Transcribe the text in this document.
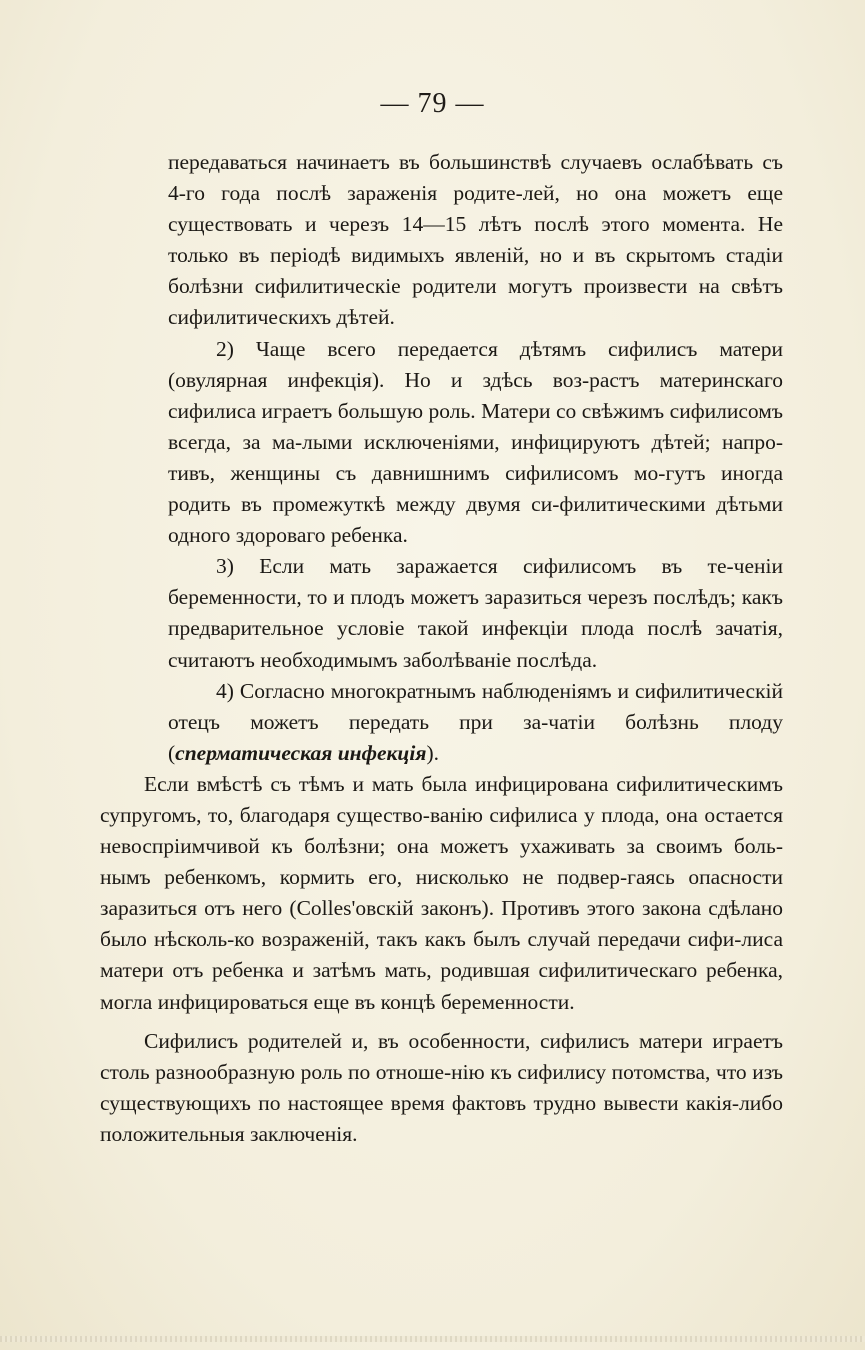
— 79 —

передаваться начинаетъ въ большинствѣ случаевъ ослабѣвать съ 4-го года послѣ зараженія родите-лей, но она можетъ еще существовать и черезъ 14—15 лѣтъ послѣ этого момента. Не только въ періодѣ видимыхъ явленій, но и въ скрытомъ стадіи болѣзни сифилитическіе родители могутъ произвести на свѣтъ сифилитическихъ дѣтей.

2) Чаще всего передается дѣтямъ сифилисъ матери (овулярная инфекція). Но и здѣсь воз-растъ материнскаго сифилиса играетъ большую роль. Матери со свѣжимъ сифилисомъ всегда, за ма-лыми исключеніями, инфицируютъ дѣтей; напро-тивъ, женщины съ давнишнимъ сифилисомъ мо-гутъ иногда родить въ промежуткѣ между двумя си-филитическими дѣтьми одного здороваго ребенка.

3) Если мать заражается сифилисомъ въ те-ченіи беременности, то и плодъ можетъ заразиться черезъ послѣдъ; какъ предварительное условіе такой инфекціи плода послѣ зачатія, считаютъ необходимымъ заболѣваніе послѣда.

4) Согласно многократнымъ наблюденіямъ и сифилитическій отецъ можетъ передать при за-чатіи болѣзнь плоду (сперматическая инфекція).

Если вмѣстѣ съ тѣмъ и мать была инфицирована сифилитическимъ супругомъ, то, благодаря существо-ванію сифилиса у плода, она остается невоспріимчивой къ болѣзни; она можетъ ухаживать за своимъ боль-нымъ ребенкомъ, кормить его, нисколько не подвер-гаясь опасности заразиться отъ него (Colles'овскій законъ). Противъ этого закона сдѣлано было нѣсколь-ко возраженій, такъ какъ былъ случай передачи сифи-лиса матери отъ ребенка и затѣмъ мать, родившая сифилитическаго ребенка, могла инфицироваться еще въ концѣ беременности.

Сифилисъ родителей и, въ особенности, сифилисъ матери играетъ столь разнообразную роль по отноше-нію къ сифилису потомства, что изъ существующихъ по настоящее время фактовъ трудно вывести какія-либо положительныя заключенія.
